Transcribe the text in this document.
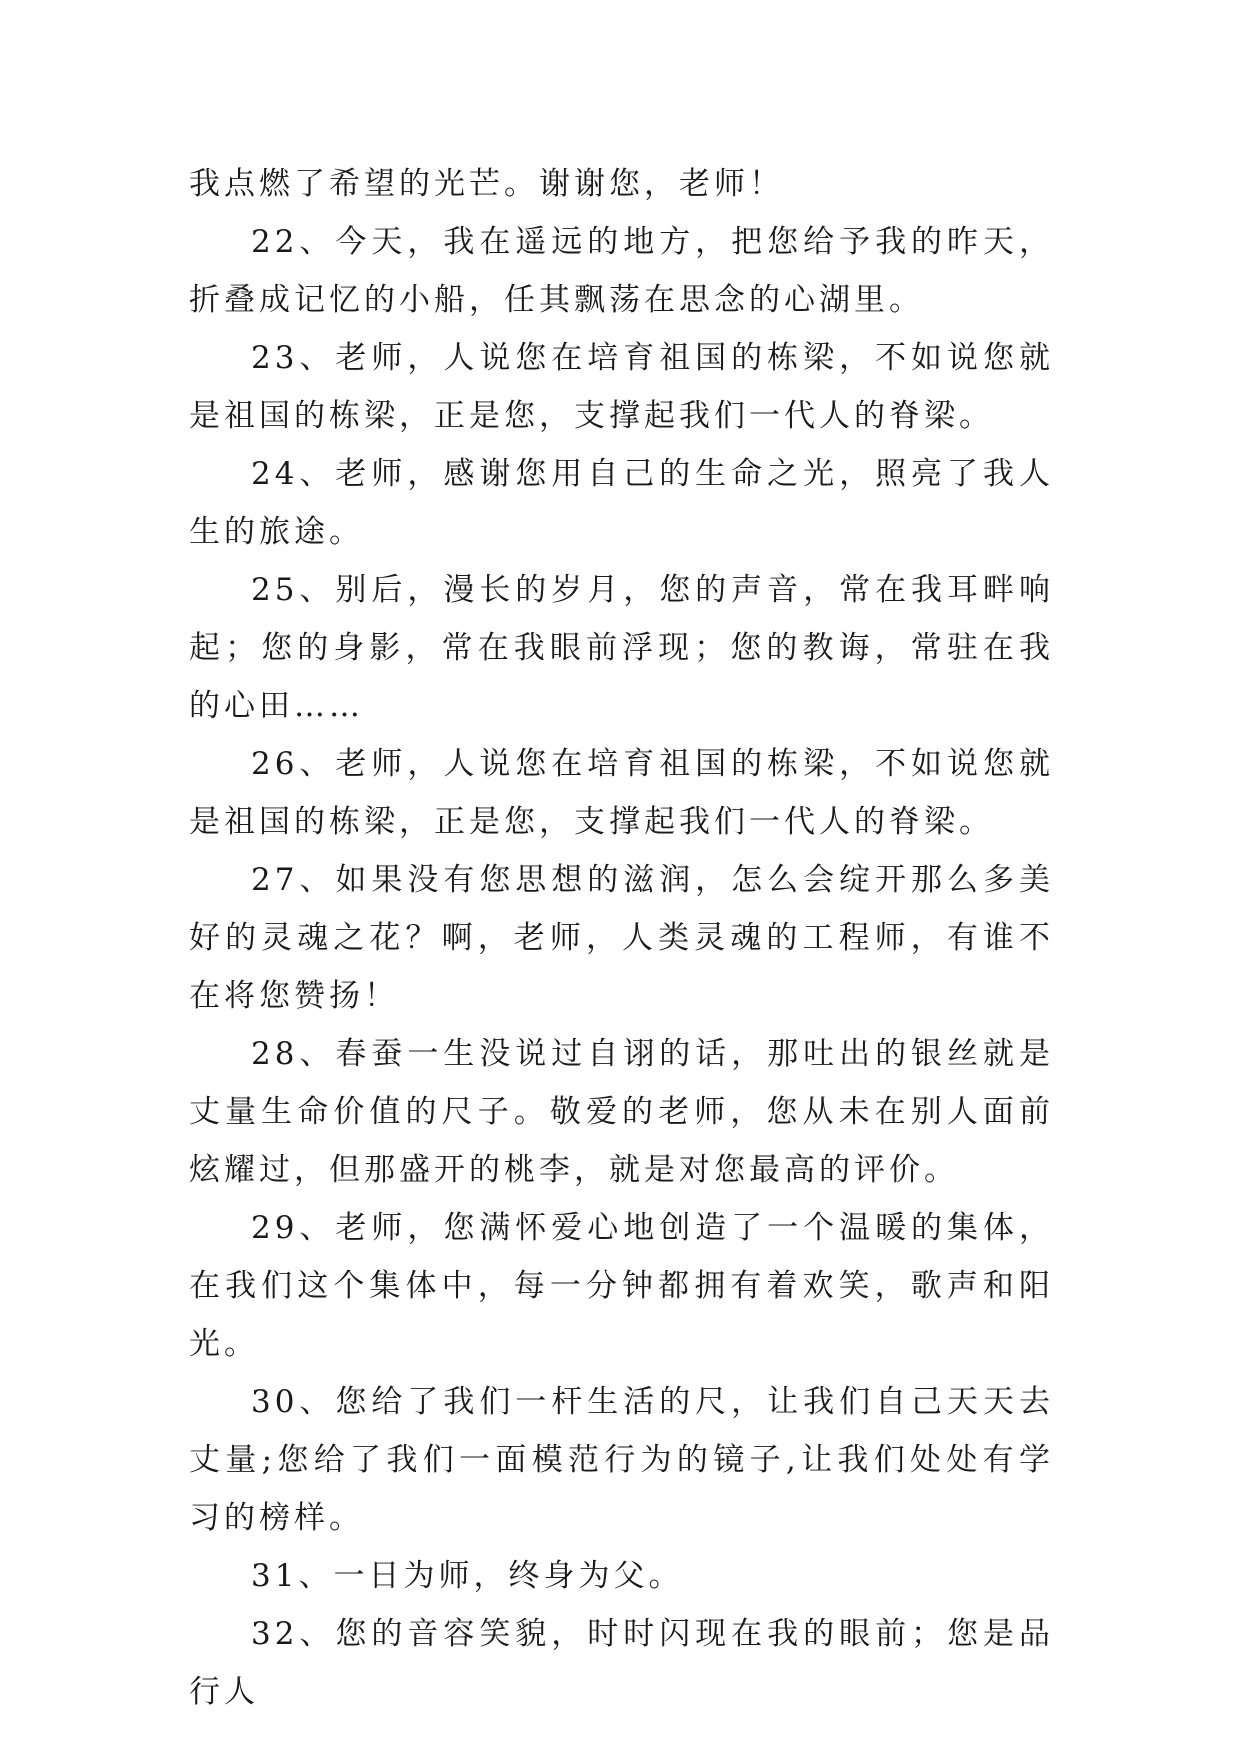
我点燃了希望的光芒。谢谢您，老师！

22、今天，我在遥远的地方，把您给予我的昨天，折叠成记忆的小船，任其飘荡在思念的心湖里。

23、老师，人说您在培育祖国的栋梁，不如说您就是祖国的栋梁，正是您，支撑起我们一代人的脊梁。

24、老师，感谢您用自己的生命之光，照亮了我人生的旅途。

25、别后，漫长的岁月，您的声音，常在我耳畔响起；您的身影，常在我眼前浮现；您的教诲，常驻在我的心田……

26、老师，人说您在培育祖国的栋梁，不如说您就是祖国的栋梁，正是您，支撑起我们一代人的脊梁。

27、如果没有您思想的滋润，怎么会绽开那么多美好的灵魂之花？啊，老师，人类灵魂的工程师，有谁不在将您赞扬！

28、春蚕一生没说过自诩的话，那吐出的银丝就是丈量生命价值的尺子。敬爱的老师，您从未在别人面前炫耀过，但那盛开的桃李，就是对您最高的评价。

29、老师，您满怀爱心地创造了一个温暖的集体，在我们这个集体中，每一分钟都拥有着欢笑，歌声和阳光。

30、您给了我们一杆生活的尺，让我们自己天天去丈量;您给了我们一面模范行为的镜子,让我们处处有学习的榜样。

31、一日为师，终身为父。

32、您的音容笑貌，时时闪现在我的眼前；您是品行人
